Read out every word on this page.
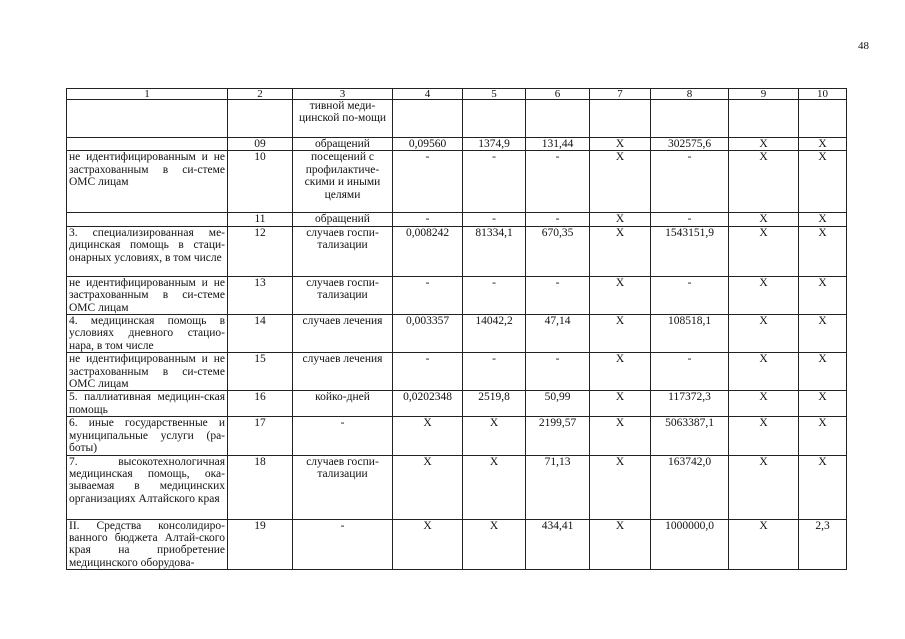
48
1	2	3	4	5	6	7	8	9	10
		тивной меди-цинской по-мощи							
	09	обращений	0,09560	1374,9	131,44	X	302575,6	X	X
не идентифицированным и не застрахованным в си-стеме ОМС лицам	10	посещений с профилактиче-скими и иными целями	-	-	-	X	-	X	X
	11	обращений	-	-	-	X	-	X	X
3. специализированная ме-дицинская помощь в стаци-онарных условиях, в том числе	12	случаев госпи-тализации	0,008242	81334,1	670,35	X	1543151,9	X	X
не идентифицированным и не застрахованным в си-стеме ОМС лицам	13	случаев госпи-тализации	-	-	-	X	-	X	X
4. медицинская помощь в условиях дневного стацио-нара, в том числе	14	случаев лечения	0,003357	14042,2	47,14	X	108518,1	X	X
не идентифицированным и не застрахованным в си-стеме ОМС лицам	15	случаев лечения	-	-	-	X	-	X	X
5. паллиативная медицин-ская помощь	16	койко-дней	0,0202348	2519,8	50,99	X	117372,3	X	X
6. иные государственные и муниципальные услуги (ра-боты)	17	-	X	X	2199,57	X	5063387,1	X	X
7. высокотехнологичная медицинская помощь, ока-зываемая в медицинских организациях Алтайского края	18	случаев госпи-тализации	X	X	71,13	X	163742,0	X	X
II. Средства консолидиро-ванного бюджета Алтай-ского края на приобретение медицинского оборудова-	19	-	X	X	434,41	X	1000000,0	X	2,3
